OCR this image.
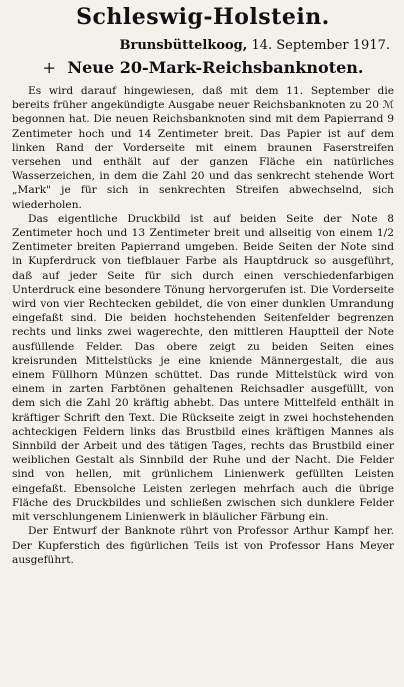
Schleswig-Holstein.
Brunsbüttelkoog, 14. September 1917.
+ Neue 20-Mark-Reichsbanknoten.

Es wird darauf hingewiesen, daß mit dem 11. September die bereits früher angekündigte Ausgabe neuer Reichsbanknoten zu 20 ℳ begonnen hat. Die neuen Reichsbanknoten sind mit dem Papierrand 9 Zentimeter hoch und 14 Zentimeter breit. Das Papier ist auf dem linken Rand der Vorderseite mit einem braunen Faserstreifen versehen und enthält auf der ganzen Fläche ein natürliches Wasserzeichen, in dem die Zahl 20 und das senkrecht stehende Wort „Mark" je für sich in senkrechten Streifen abwechselnd, sich wiederholen.

Das eigentliche Druckbild ist auf beiden Seite der Note 8 Zentimeter hoch und 13 Zentimeter breit und allseitig von einem 1/2 Zentimeter breiten Papierrand umgeben. Beide Seiten der Note sind in Kupferdruck von tiefblauer Farbe als Hauptdruck so ausgeführt, daß auf jeder Seite für sich durch einen verschiedenfarbigen Unterdruck eine besondere Tönung hervorgerufen ist. Die Vorderseite wird von vier Rechtecken gebildet, die von einer dunklen Umrandung eingefaßt sind. Die beiden hochstehenden Seitenfelder begrenzen rechts und links zwei wagerechte, den mittleren Hauptteil der Note ausfüllende Felder. Das obere zeigt zu beiden Seiten eines kreisrunden Mittelstücks je eine kniende Männergestalt, die aus einem Füllhorn Münzen schüttet. Das runde Mittelstück wird von einem in zarten Farbtönen gehaltenen Reichsadler ausgefüllt, von dem sich die Zahl 20 kräftig abhebt. Das untere Mittelfeld enthält in kräftiger Schrift den Text. Die Rückseite zeigt in zwei hochstehenden achteckigen Feldern links das Brustbild eines kräftigen Mannes als Sinnbild der Arbeit und des tätigen Tages, rechts das Brustbild einer weiblichen Gestalt als Sinnbild der Ruhe und der Nacht. Die Felder sind von hellen, mit grünlichem Linienwerk gefüllten Leisten eingefaßt. Ebensolche Leisten zerlegen mehrfach auch die übrige Fläche des Druckbildes und schließen zwischen sich dunklere Felder mit verschlungenem Linienwerk in bläulicher Färbung ein.

Der Entwurf der Banknote rührt von Professor Arthur Kampf her. Der Kupferstich des figürlichen Teils ist von Professor Hans Meyer ausgeführt.
